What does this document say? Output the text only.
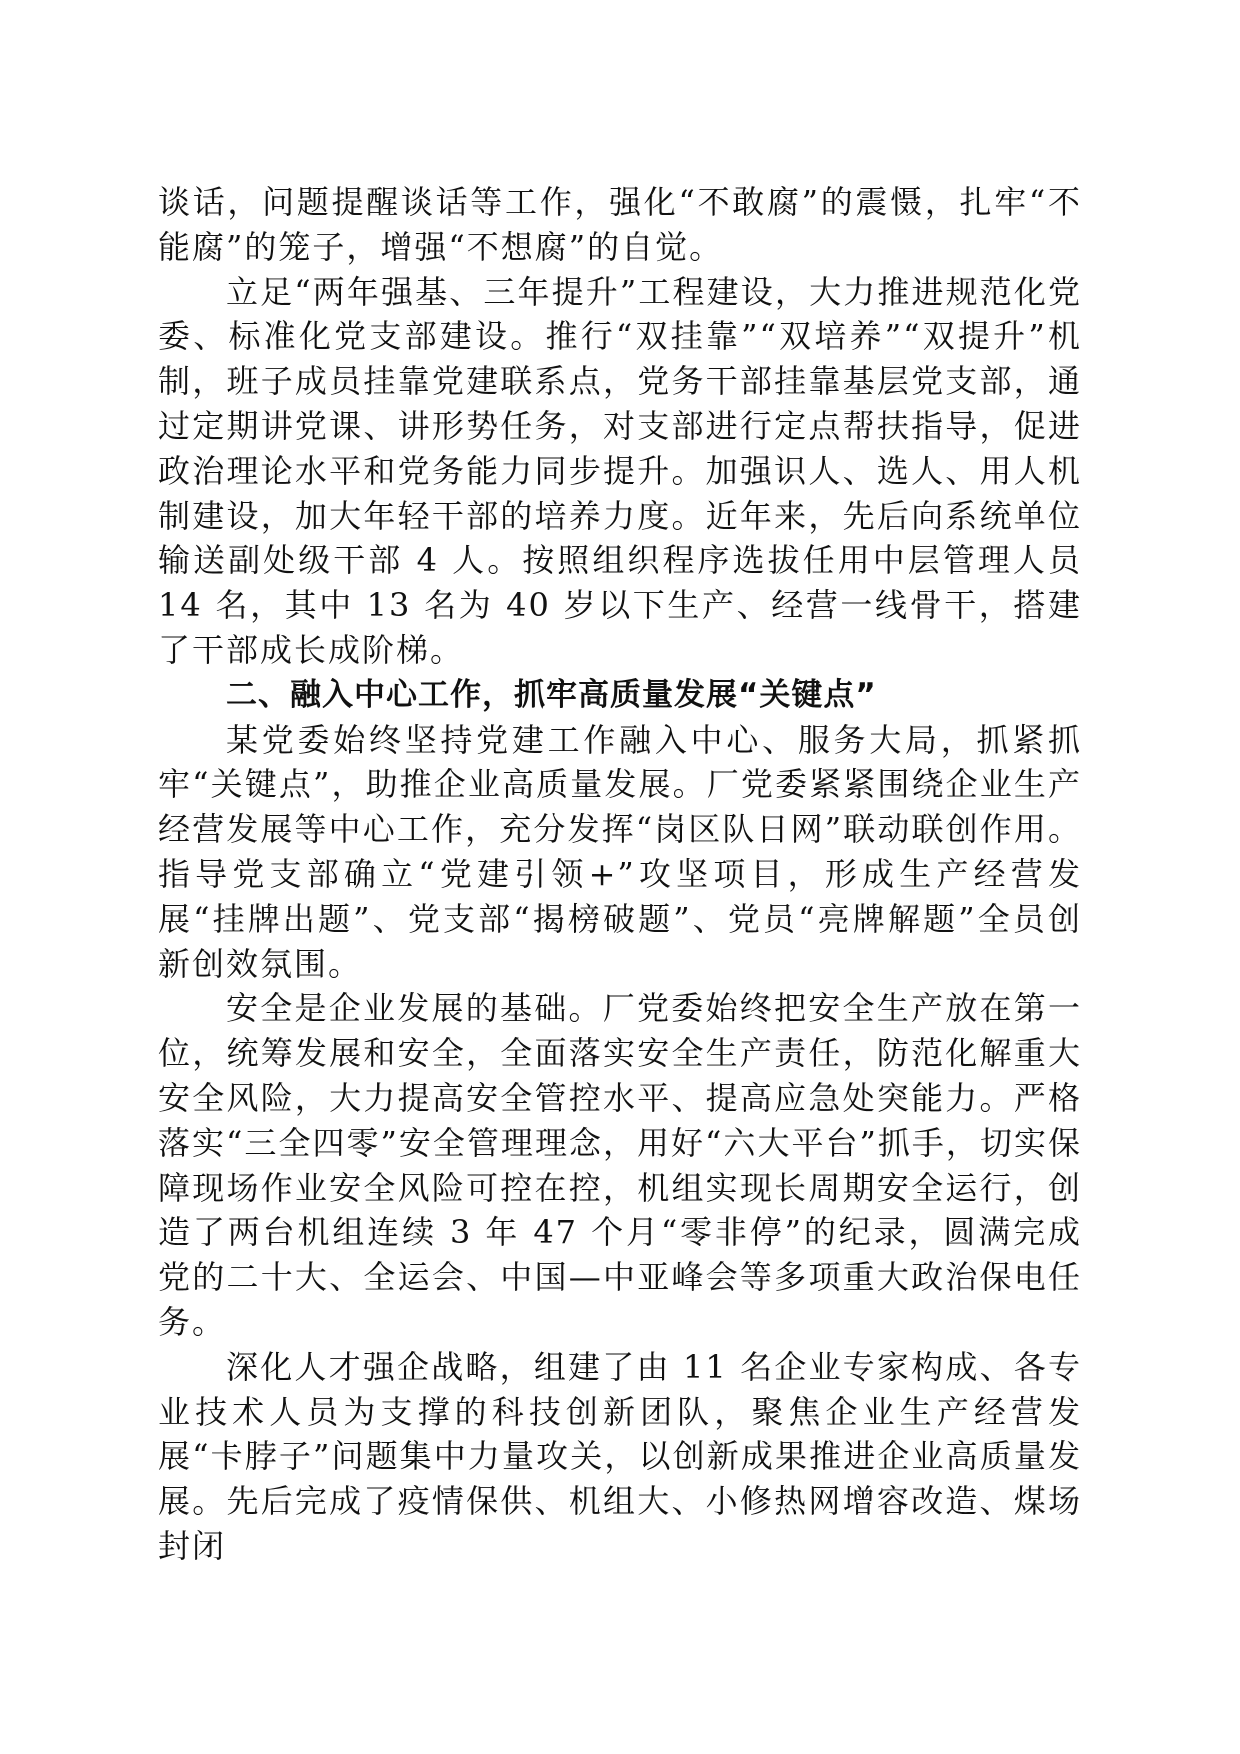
谈话，问题提醒谈话等工作，强化“不敢腐”的震慑，扎牢“不能腐”的笼子，增强“不想腐”的自觉。

立足“两年强基、三年提升”工程建设，大力推进规范化党委、标准化党支部建设。推行“双挂靠”“双培养”“双提升”机制，班子成员挂靠党建联系点，党务干部挂靠基层党支部，通过定期讲党课、讲形势任务，对支部进行定点帮扶指导，促进政治理论水平和党务能力同步提升。加强识人、选人、用人机制建设，加大年轻干部的培养力度。近年来，先后向系统单位输送副处级干部 4 人。按照组织程序选拔任用中层管理人员 14 名，其中 13 名为 40 岁以下生产、经营一线骨干，搭建了干部成长成阶梯。

二、融入中心工作，抓牢高质量发展“关键点”

某党委始终坚持党建工作融入中心、服务大局，抓紧抓牢“关键点”，助推企业高质量发展。厂党委紧紧围绕企业生产经营发展等中心工作，充分发挥“岗区队日网”联动联创作用。指导党支部确立“党建引领+”攻坚项目，形成生产经营发展“挂牌出题”、党支部“揭榜破题”、党员“亮牌解题”全员创新创效氛围。

安全是企业发展的基础。厂党委始终把安全生产放在第一位，统筹发展和安全，全面落实安全生产责任，防范化解重大安全风险，大力提高安全管控水平、提高应急处突能力。严格落实“三全四零”安全管理理念，用好“六大平台”抓手，切实保障现场作业安全风险可控在控，机组实现长周期安全运行，创造了两台机组连续 3 年 47 个月“零非停”的纪录，圆满完成党的二十大、全运会、中国—中亚峰会等多项重大政治保电任务。

深化人才强企战略，组建了由 11 名企业专家构成、各专业技术人员为支撑的科技创新团队，聚焦企业生产经营发展“卡脖子”问题集中力量攻关，以创新成果推进企业高质量发展。先后完成了疫情保供、机组大、小修热网增容改造、煤场封闭
